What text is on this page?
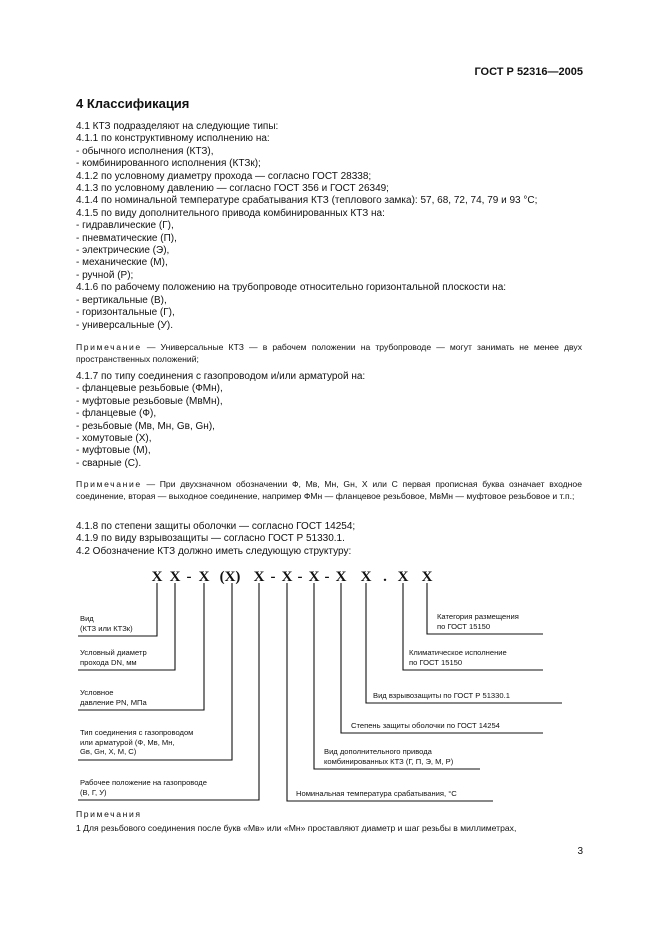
ГОСТ Р 52316—2005
4 Классификация
4.1 КТЗ подразделяют на следующие типы:
4.1.1 по конструктивному исполнению на:
- обычного исполнения (КТЗ),
- комбинированного исполнения (КТЗк);
4.1.2 по условному диаметру прохода — согласно ГОСТ 28338;
4.1.3 по условному давлению — согласно ГОСТ 356 и ГОСТ 26349;
4.1.4 по номинальной температуре срабатывания КТЗ (теплового замка): 57, 68, 72, 74, 79 и 93 °С;
4.1.5 по виду дополнительного привода комбинированных КТЗ на:
- гидравлические (Г),
- пневматические (П),
- электрические (Э),
- механические (М),
- ручной (Р);
4.1.6 по рабочему положению на трубопроводе относительно горизонтальной плоскости на:
- вертикальные (В),
- горизонтальные (Г),
- универсальные (У).
Примечание — Универсальные КТЗ — в рабочем положении на трубопроводе — могут занимать не менее двух пространственных положений;
4.1.7 по типу соединения с газопроводом и/или арматурой на:
- фланцевые резьбовые (ФМн),
- муфтовые резьбовые (МвМн),
- фланцевые (Ф),
- резьбовые (Мв, Мн, Gв, Gн),
- хомутовые (Х),
- муфтовые (М),
- сварные (С).
Примечание — При двухзначном обозначении Ф, Мв, Мн, Gн, Х или С первая прописная буква означает входное соединение, вторая — выходное соединение, например ФМн — фланцевое резьбовое, МвМн — муфтовое резьбовое и т.п.;
4.1.8 по степени защиты оболочки — согласно ГОСТ 14254;
4.1.9 по виду взрывозащиты — согласно ГОСТ Р 51330.1.
4.2 Обозначение КТЗ должно иметь следующую структуру:
X X - X (X) X - X - X - X X . X X
Вид
(КТЗ или КТЗк)
Условный диаметр
прохода DN, мм
Условное
давление PN, МПа
Тип соединения с газопроводом
или арматурой (Ф, Мв, Мн,
Gв, Gн, Х, М, С)
Рабочее положение на газопроводе
(В, Г, У)
Категория размещения
по ГОСТ 15150
Климатическое исполнение
по ГОСТ 15150
Вид взрывозащиты по ГОСТ Р 51330.1
Степень защиты оболочки по ГОСТ 14254
Вид дополнительного привода
комбинированных КТЗ (Г, П, Э, М, Р)
Номинальная температура срабатывания, °С
Примечания
1 Для резьбового соединения после букв «Мв» или «Мн» проставляют диаметр и шаг резьбы в миллиметрах,
3
